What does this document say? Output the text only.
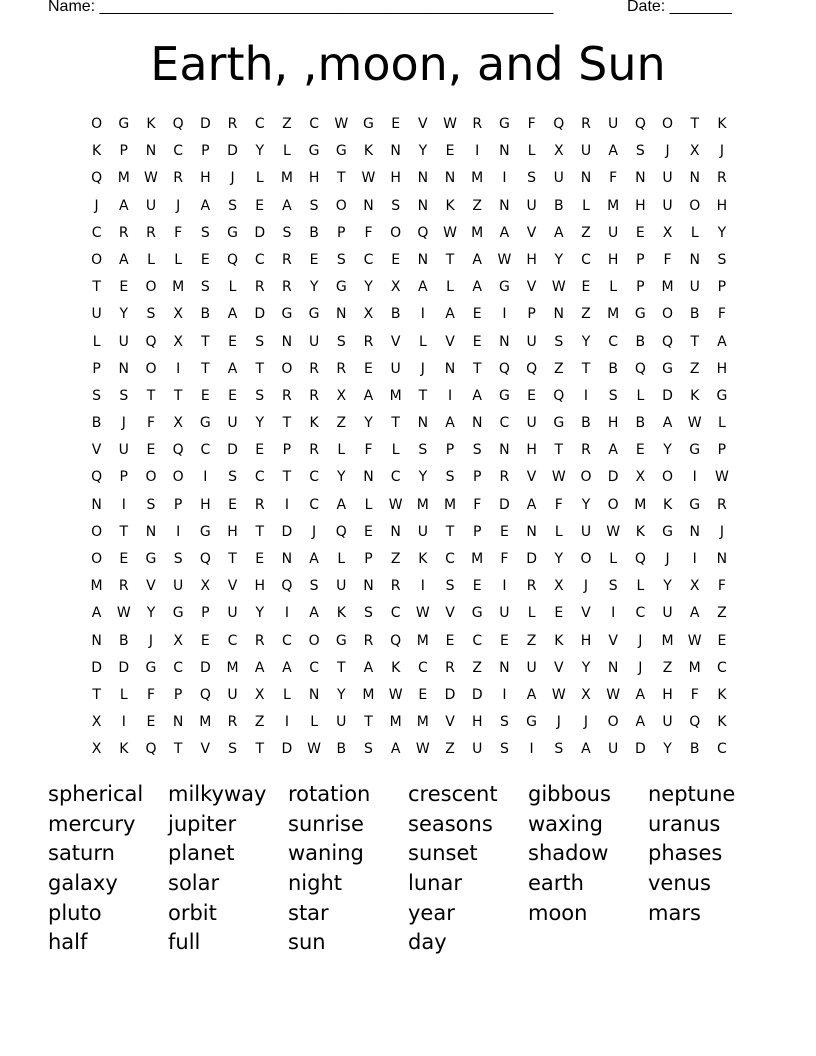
Name: ___________________________________________________	Date: _______
Earth, ,moon, and Sun
O G K Q D R C Z C W G E V W R G F Q R U Q O T K
K P N C P D Y L G G K N Y E I N L X U A S J X J
Q M W R H J L M H T W H N N M I S U N F N U N R
J A U J A S E A S O N S N K Z N U B L M H U O H
C R R F S G D S B P F O Q W M A V A Z U E X L Y
O A L L E Q C R E S C E N T A W H Y C H P F N S
T E O M S L R R Y G Y X A L A G V W E L P M U P
U Y S X B A D G G N X B I A E I P N Z M G O B F
L U Q X T E S N U S R V L V E N U S Y C B Q T A
P N O I T A T O R R E U J N T Q Q Z T B Q G Z H
S S T T E E S R R X A M T I A G E Q I S L D K G
B J F X G U Y T K Z Y T N A N C U G B H B A W L
V U E Q C D E P R L F L S P S N H T R A E Y G P
Q P O O I S C T C Y N C Y S P R V W O D X O I W
N I S P H E R I C A L W M M F D A F Y O M K G R
O T N I G H T D J Q E N U T P E N L U W K G N J
O E G S Q T E N A L P Z K C M F D Y O L Q J I N
M R V U X V H Q S U N R I S E I R X J S L Y X F
A W Y G P U Y I A K S C W V G U L E V I C U A Z
N B J X E C R C O G R Q M E C E Z K H V J M W E
D D G C D M A A C T A K C R Z N U V Y N J Z M C
T L F P Q U X L N Y M W E D D I A W X W A H F K
X I E N M R Z I L U T M M V H S G J J O A U Q K
X K Q T V S T D W B S A W Z U S I S A U D Y B C
spherical	milkyway	rotation	crescent	gibbous	neptune
mercury	jupiter	sunrise	seasons	waxing	uranus
saturn	planet	waning	sunset	shadow	phases
galaxy	solar	night	lunar	earth	venus
pluto	orbit	star	year	moon	mars
half	full	sun	day
